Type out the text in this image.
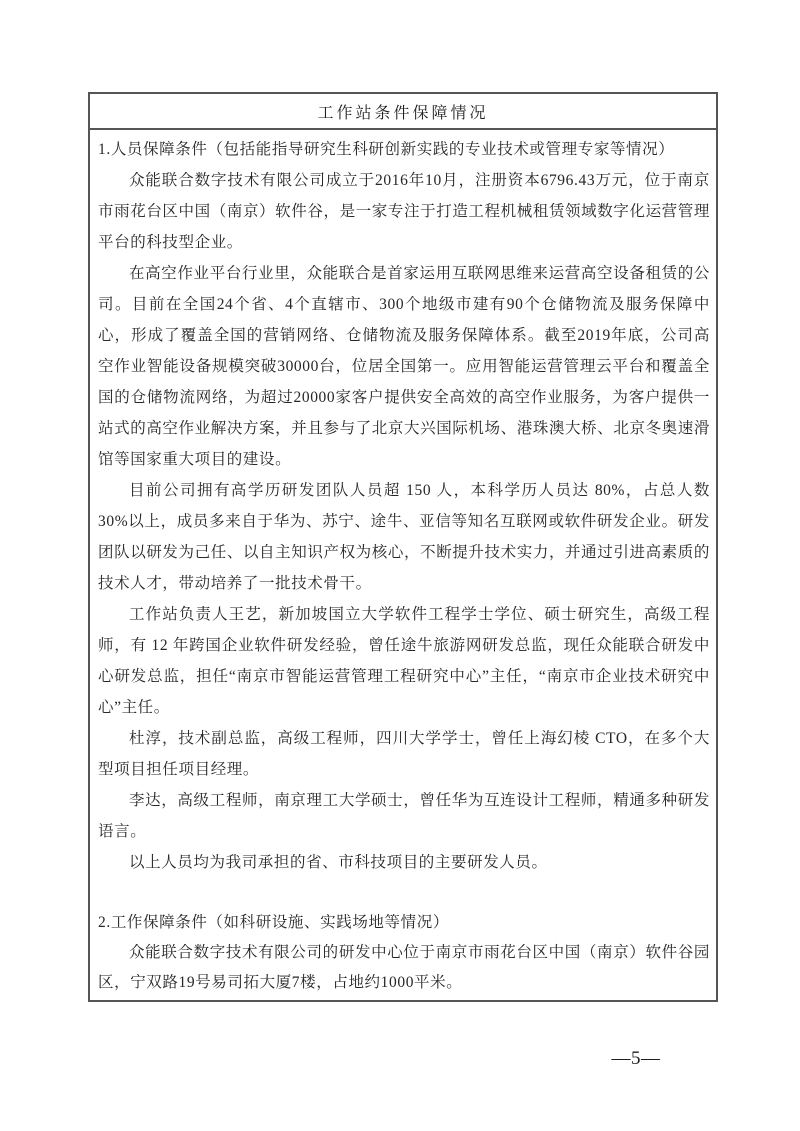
工作站条件保障情况

1.人员保障条件（包括能指导研究生科研创新实践的专业技术或管理专家等情况）

众能联合数字技术有限公司成立于2016年10月，注册资本6796.43万元，位于南京市雨花台区中国（南京）软件谷，是一家专注于打造工程机械租赁领域数字化运营管理平台的科技型企业。

在高空作业平台行业里，众能联合是首家运用互联网思维来运营高空设备租赁的公司。目前在全国24个省、4个直辖市、300个地级市建有90个仓储物流及服务保障中心，形成了覆盖全国的营销网络、仓储物流及服务保障体系。截至2019年底，公司高空作业智能设备规模突破30000台，位居全国第一。应用智能运营管理云平台和覆盖全国的仓储物流网络，为超过20000家客户提供安全高效的高空作业服务，为客户提供一站式的高空作业解决方案，并且参与了北京大兴国际机场、港珠澳大桥、北京冬奥速滑馆等国家重大项目的建设。

目前公司拥有高学历研发团队人员超 150 人，本科学历人员达 80%，占总人数 30%以上，成员多来自于华为、苏宁、途牛、亚信等知名互联网或软件研发企业。研发团队以研发为己任、以自主知识产权为核心，不断提升技术实力，并通过引进高素质的技术人才，带动培养了一批技术骨干。

工作站负责人王艺，新加坡国立大学软件工程学士学位、硕士研究生，高级工程师，有 12 年跨国企业软件研发经验，曾任途牛旅游网研发总监，现任众能联合研发中心研发总监，担任“南京市智能运营管理工程研究中心”主任，“南京市企业技术研究中心”主任。

杜淳，技术副总监，高级工程师，四川大学学士，曾任上海幻棱 CTO，在多个大型项目担任项目经理。

李达，高级工程师，南京理工大学硕士，曾任华为互连设计工程师，精通多种研发语言。

以上人员均为我司承担的省、市科技项目的主要研发人员。

2.工作保障条件（如科研设施、实践场地等情况）

众能联合数字技术有限公司的研发中心位于南京市雨花台区中国（南京）软件谷园区，宁双路19号易司拓大厦7楼，占地约1000平米。

—5—
